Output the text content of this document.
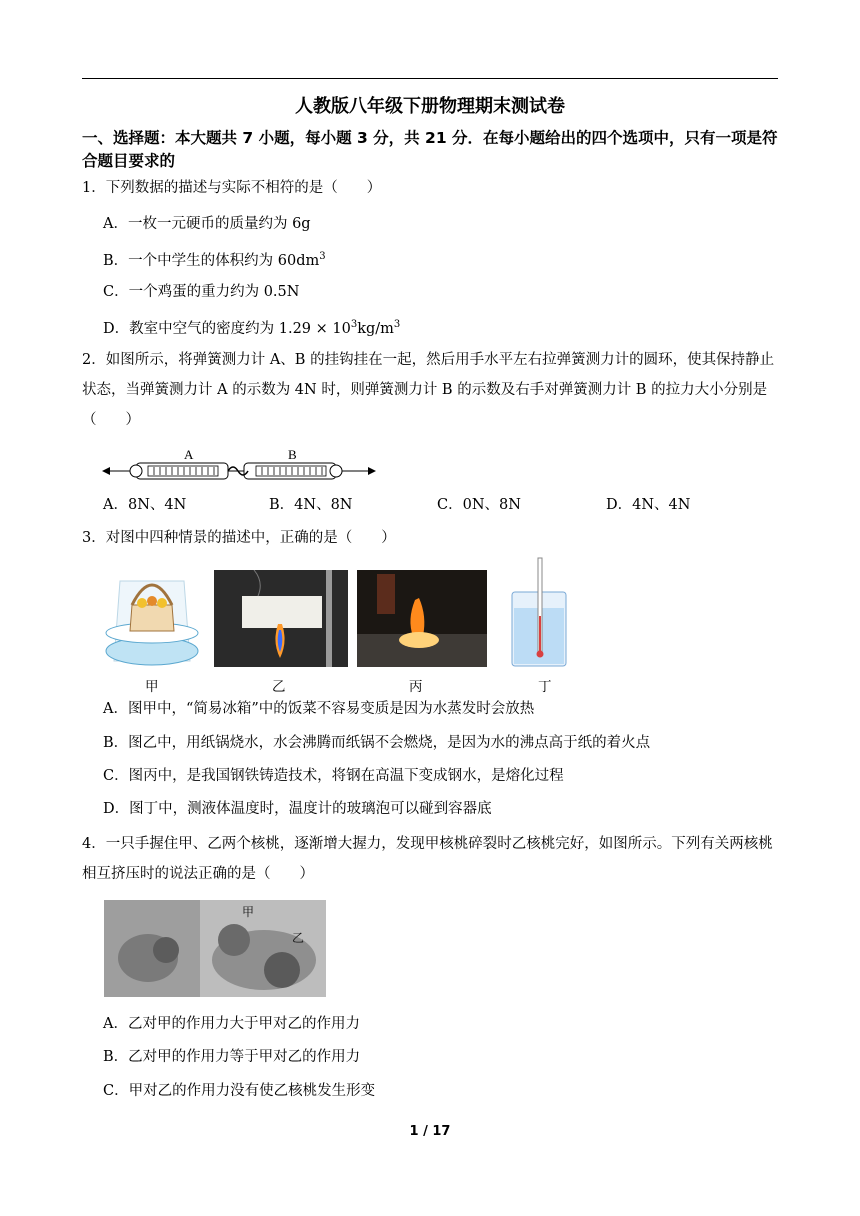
人教版八年级下册物理期末测试卷
一、选择题：本大题共 7 小题，每小题 3 分，共 21 分．在每小题给出的四个选项中，只有一项是符合题目要求的
1．下列数据的描述与实际不相符的是（　　）
A．一枚一元硬币的质量约为 6g
B．一个中学生的体积约为 $60dm^3$
C．一个鸡蛋的重力约为 0.5N
D．教室中空气的密度约为 $1.29 \times 10^3kg/m^3$
2．如图所示，将弹簧测力计 A、B 的挂钩挂在一起，然后用手水平左右拉弹簧测力计的圆环，使其保持静止状态，当弹簧测力计 A 的示数为 4N 时，则弹簧测力计 B 的示数及右手对弹簧测力计 B 的拉力大小分别是（　　）
A	B
A．8N、4N	B．4N、8N	C．0N、8N	D．4N、4N
3．对图中四种情景的描述中，正确的是（　　）
甲	乙	丙	丁
A．图甲中，“简易冰箱”中的饭菜不容易变质是因为水蒸发时会放热
B．图乙中，用纸锅烧水，水会沸腾而纸锅不会燃烧，是因为水的沸点高于纸的着火点
C．图丙中，是我国钢铁铸造技术，将钢在高温下变成钢水，是熔化过程
D．图丁中，测液体温度时，温度计的玻璃泡可以碰到容器底
4．一只手握住甲、乙两个核桃，逐渐增大握力，发现甲核桃碎裂时乙核桃完好，如图所示。下列有关两核桃相互挤压时的说法正确的是（　　）
甲
乙
A．乙对甲的作用力大于甲对乙的作用力
B．乙对甲的作用力等于甲对乙的作用力
C．甲对乙的作用力没有使乙核桃发生形变
1 / 17
